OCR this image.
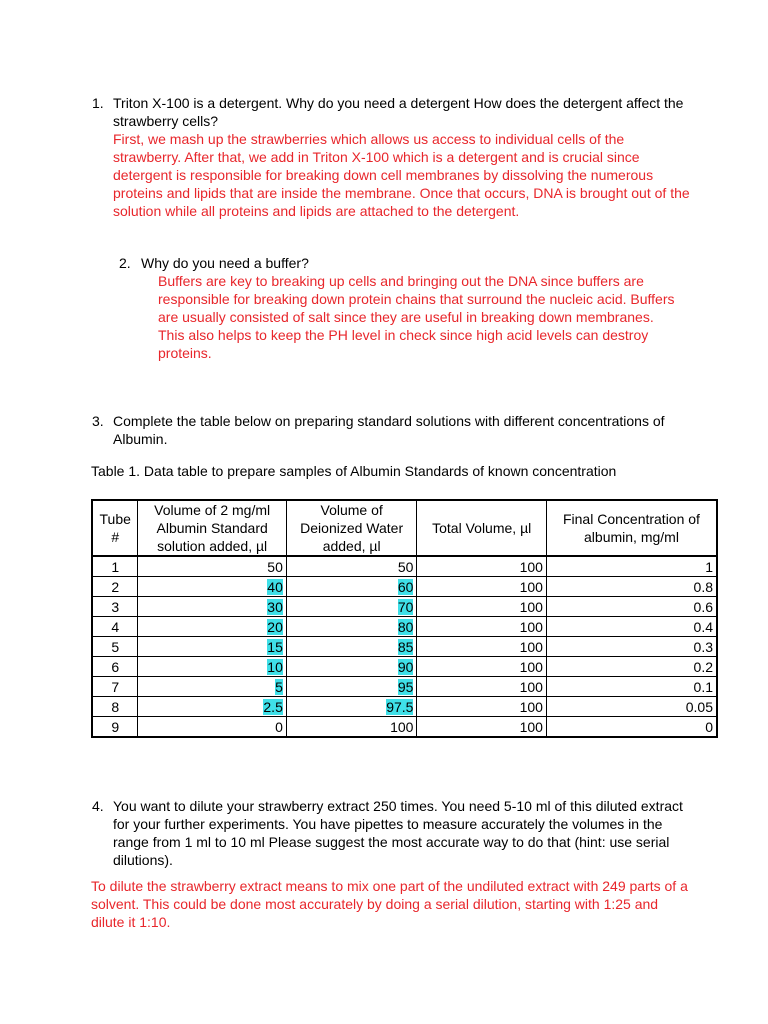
1. Triton X-100 is a detergent. Why do you need a detergent How does the detergent affect the strawberry cells?
First, we mash up the strawberries which allows us access to individual cells of the strawberry. After that, we add in Triton X-100 which is a detergent and is crucial since detergent is responsible for breaking down cell membranes by dissolving the numerous proteins and lipids that are inside the membrane. Once that occurs, DNA is brought out of the solution while all proteins and lipids are attached to the detergent.
2. Why do you need a buffer?
Buffers are key to breaking up cells and bringing out the DNA since buffers are responsible for breaking down protein chains that surround the nucleic acid. Buffers are usually consisted of salt since they are useful in breaking down membranes. This also helps to keep the PH level in check since high acid levels can destroy proteins.
3. Complete the table below on preparing standard solutions with different concentrations of Albumin.
Table 1. Data table to prepare samples of Albumin Standards of known concentration
Tube #	Volume of 2 mg/ml Albumin Standard solution added, µl	Volume of Deionized Water added, µl	Total Volume, µl	Final Concentration of albumin, mg/ml
1	50	50	100	1
2	40	60	100	0.8
3	30	70	100	0.6
4	20	80	100	0.4
5	15	85	100	0.3
6	10	90	100	0.2
7	5	95	100	0.1
8	2.5	97.5	100	0.05
9	0	100	100	0
4. You want to dilute your strawberry extract 250 times. You need 5-10 ml of this diluted extract for your further experiments. You have pipettes to measure accurately the volumes in the range from 1 ml to 10 ml Please suggest the most accurate way to do that (hint: use serial dilutions).
To dilute the strawberry extract means to mix one part of the undiluted extract with 249 parts of a solvent. This could be done most accurately by doing a serial dilution, starting with 1:25 and dilute it 1:10.
